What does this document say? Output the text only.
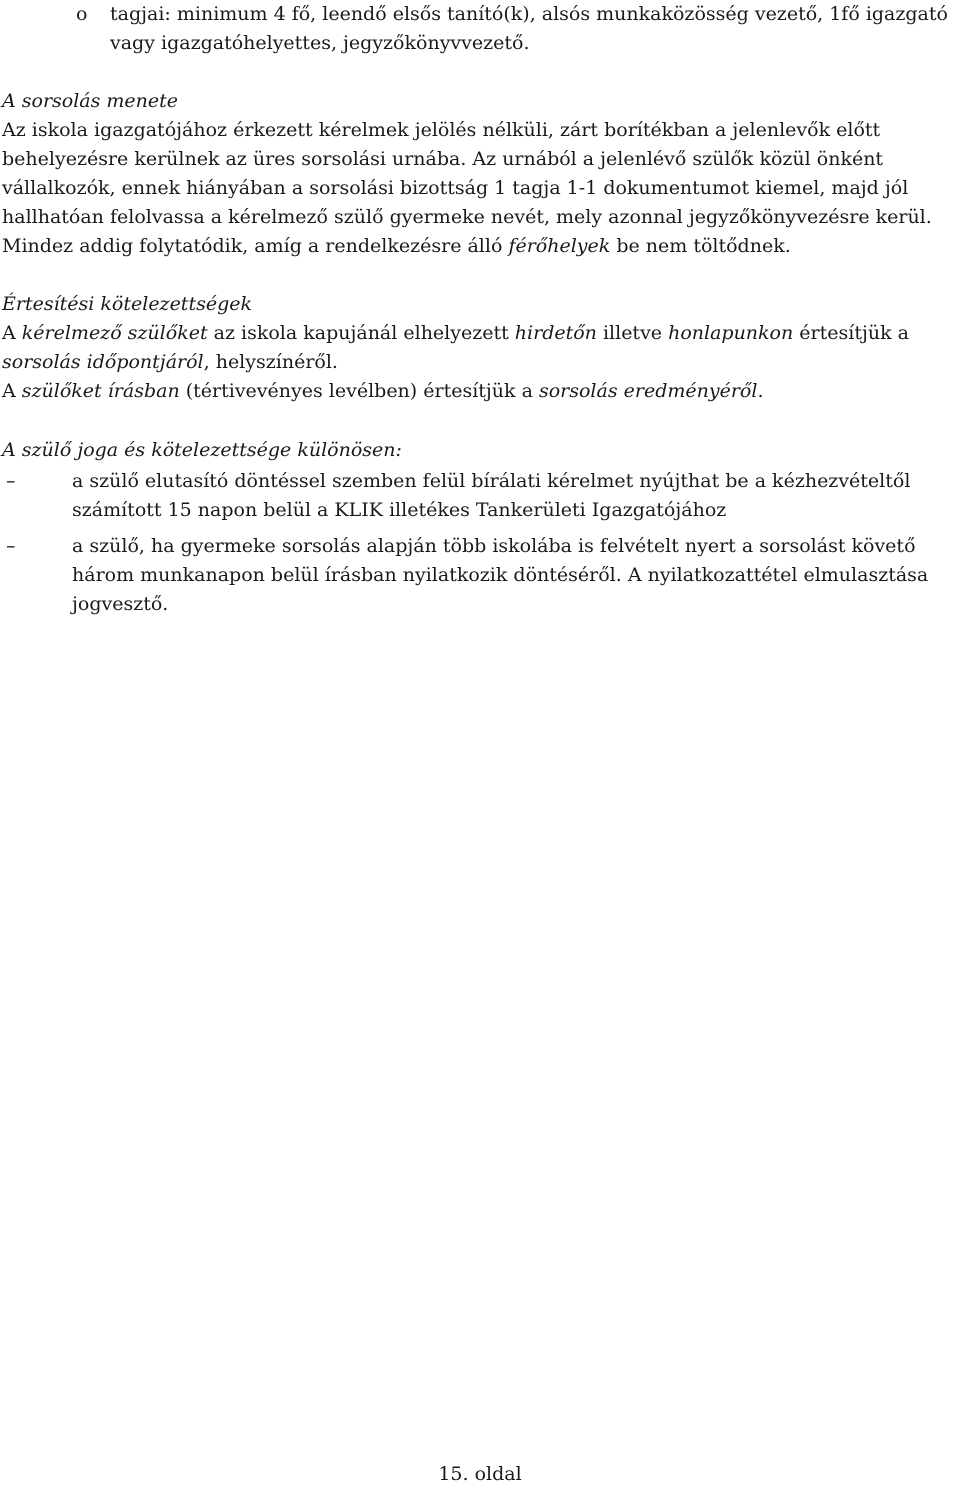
o tagjai: minimum 4 fő, leendő elsős tanító(k), alsós munkaközösség vezető, 1fő igazgató vagy igazgatóhelyettes, jegyzőkönyvvezető.

A sorsolás menete

Az iskola igazgatójához érkezett kérelmek jelölés nélküli, zárt borítékban a jelenlevők előtt behelyezésre kerülnek az üres sorsolási urnába. Az urnából a jelenlévő szülők közül önként vállalkozók, ennek hiányában a sorsolási bizottság 1 tagja 1-1 dokumentumot kiemel, majd jól hallhatóan felolvassa a kérelmező szülő gyermeke nevét, mely azonnal jegyzőkönyvezésre kerül. Mindez addig folytatódik, amíg a rendelkezésre álló férőhelyek be nem töltődnek.

Értesítési kötelezettségek

A kérelmező szülőket az iskola kapujánál elhelyezett hirdetőn illetve honlapunkon értesítjük a sorsolás időpontjáról, helyszínéről.

A szülőket írásban (tértivevényes levélben) értesítjük a sorsolás eredményéről.

A szülő joga és kötelezettsége különösen:

–	a szülő elutasító döntéssel szemben felül bírálati kérelmet nyújthat be a kézhezvételtől számított 15 napon belül a KLIK illetékes Tankerületi Igazgatójához

–	a szülő, ha gyermeke sorsolás alapján több iskolába is felvételt nyert a sorsolást követő három munkanapon belül írásban nyilatkozik döntéséről. A nyilatkozattétel elmulasztása jogvesztő.

15. oldal
